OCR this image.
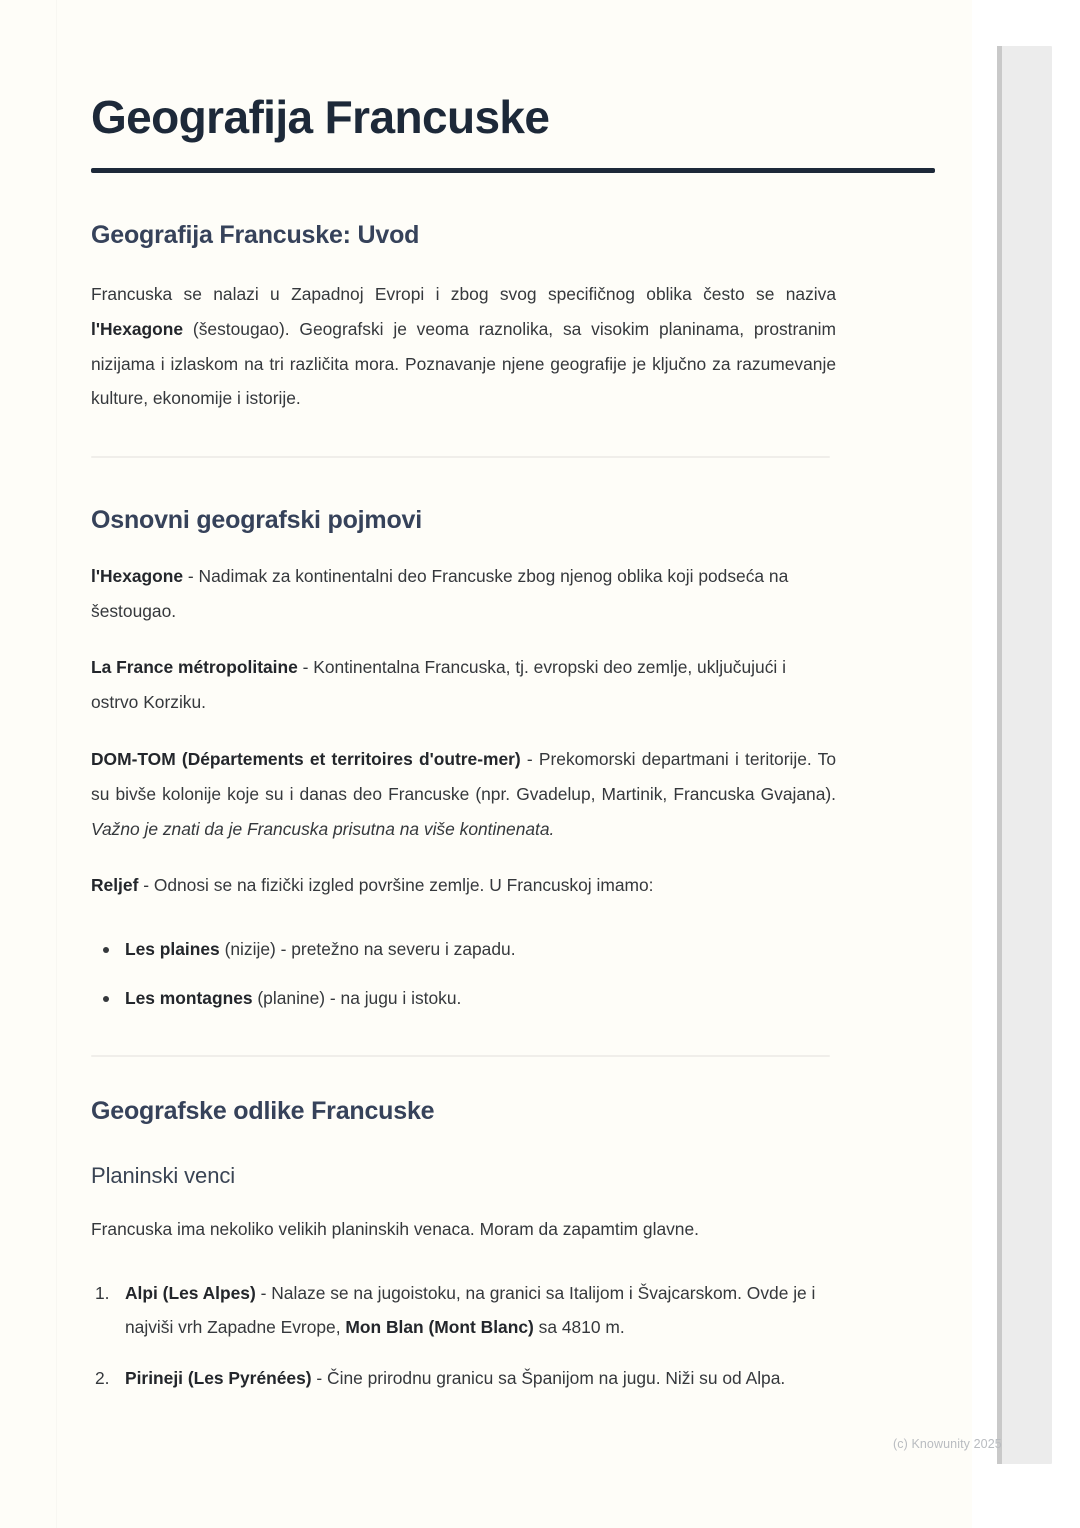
Geografija Francuske
Geografija Francuske: Uvod

Francuska se nalazi u Zapadnoj Evropi i zbog svog specifičnog oblika često se naziva l'Hexagone (šestougao). Geografski je veoma raznolika, sa visokim planinama, prostranim nizijama i izlaskom na tri različita mora. Poznavanje njene geografije je ključno za razumevanje kulture, ekonomije i istorije.

Osnovni geografski pojmovi

l'Hexagone - Nadimak za kontinentalni deo Francuske zbog njenog oblika koji podseća na šestougao.

La France métropolitaine - Kontinentalna Francuska, tj. evropski deo zemlje, uključujući i ostrvo Korziku.

DOM-TOM (Départements et territoires d'outre-mer) - Prekomorski departmani i teritorije. To su bivše kolonije koje su i danas deo Francuske (npr. Gvadelup, Martinik, Francuska Gvajana). Važno je znati da je Francuska prisutna na više kontinenata.

Reljef - Odnosi se na fizički izgled površine zemlje. U Francuskoj imamo:

Les plaines (nizije) - pretežno na severu i zapadu.
Les montagnes (planine) - na jugu i istoku.
Geografske odlike Francuske
Planinski venci

Francuska ima nekoliko velikih planinskih venaca. Moram da zapamtim glavne.

Alpi (Les Alpes) - Nalaze se na jugoistoku, na granici sa Italijom i Švajcarskom. Ovde je i najviši vrh Zapadne Evrope, Mon Blan (Mont Blanc) sa 4810 m.
Pirineji (Les Pyrénées) - Čine prirodnu granicu sa Španijom na jugu. Niži su od Alpa.
(c) Knowunity 2025
